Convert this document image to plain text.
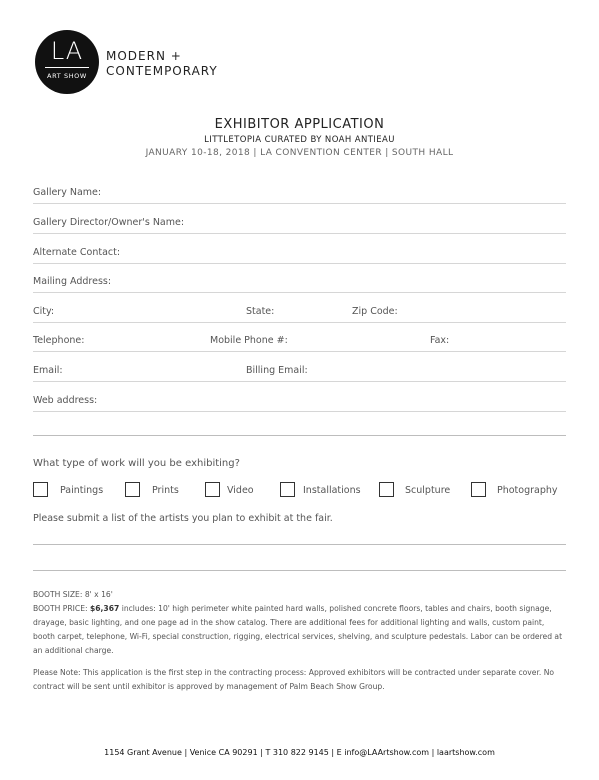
LA
ART SHOW
MODERN +
CONTEMPORARY
EXHIBITOR APPLICATION
LITTLETOPIA CURATED BY NOAH ANTIEAU
JANUARY 10-18, 2018 | LA CONVENTION CENTER | SOUTH HALL
Gallery Name:
Gallery Director/Owner's Name:
Alternate Contact:
Mailing Address:
City:	State:	Zip Code:
Telephone:	Mobile Phone #:	Fax:
Email:	Billing Email:
Web address:
What type of work will you be exhibiting?
Paintings	Prints	Video	Installations	Sculpture	Photography
Please submit a list of the artists you plan to exhibit at the fair.
BOOTH SIZE: 8' x 16'
BOOTH PRICE: $6,367 includes: 10' high perimeter white painted hard walls, polished concrete floors, tables and chairs, booth signage, drayage, basic lighting, and one page ad in the show catalog. There are additional fees for additional lighting and walls, custom paint, booth carpet, telephone, Wi-Fi, special construction, rigging, electrical services, shelving, and sculpture pedestals. Labor can be ordered at an additional charge.
Please Note: This application is the first step in the contracting process: Approved exhibitors will be contracted under separate cover. No contract will be sent until exhibitor is approved by management of Palm Beach Show Group.
1154 Grant Avenue | Venice CA 90291 | T 310 822 9145 | E info@LAArtshow.com | laartshow.com
